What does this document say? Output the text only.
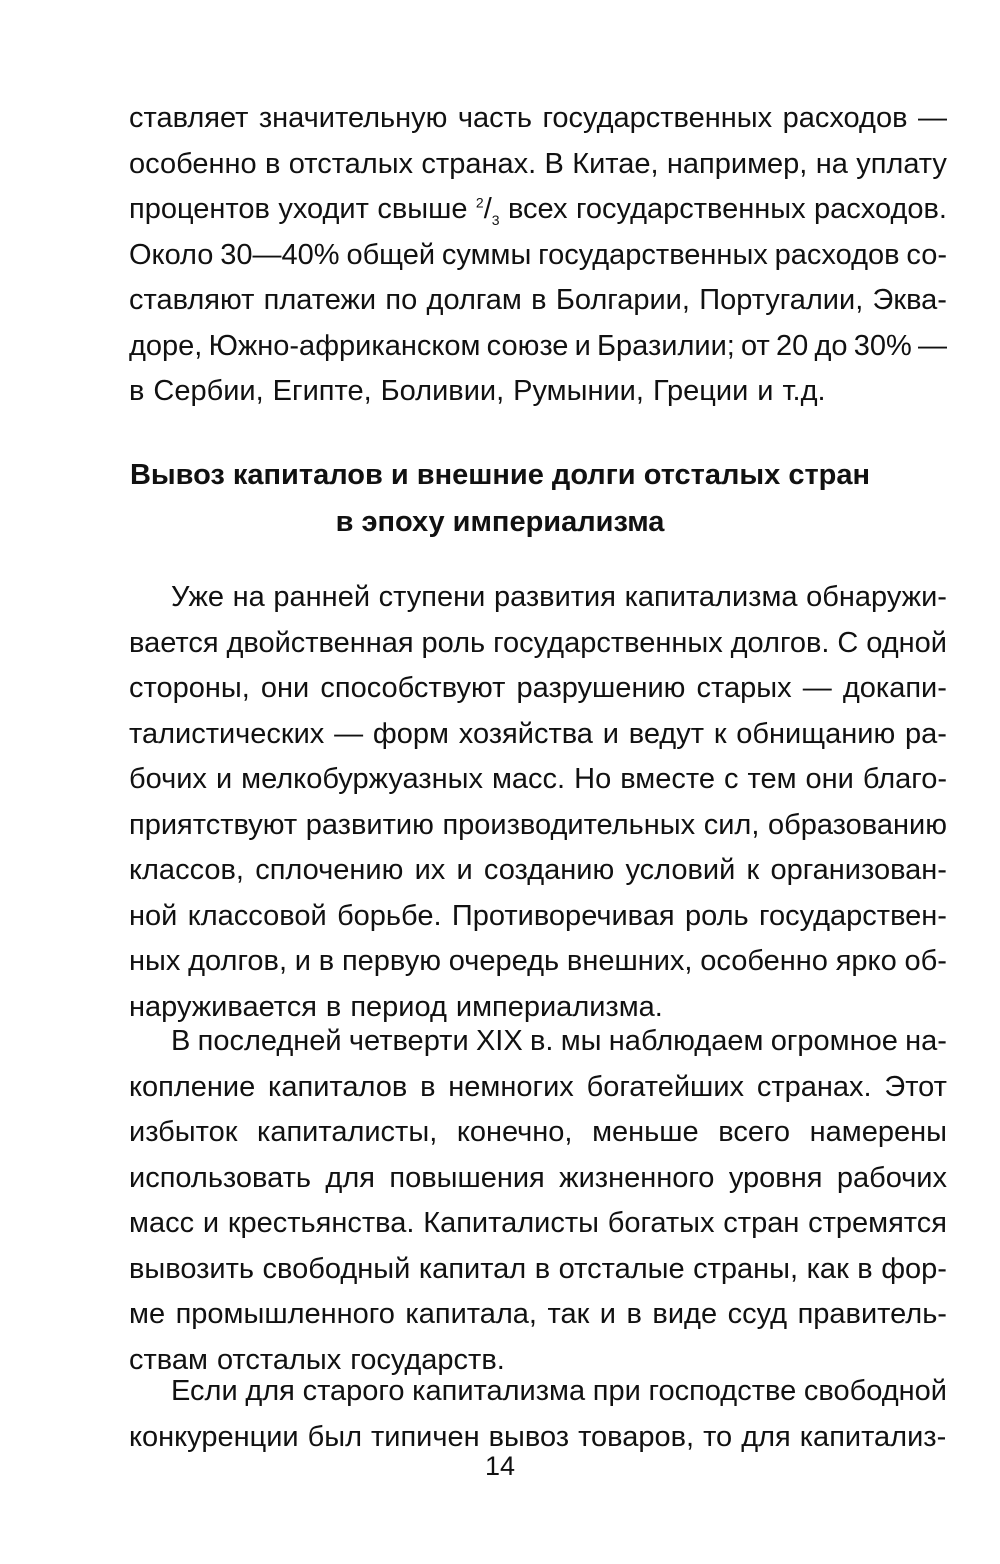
ставляет значительную часть государственных расходов —
особенно в отсталых странах. В Китае, например, на уплату
процентов уходит свыше $^2/_3$ всех государственных расходов.
Около 30—40% общей суммы государственных расходов со-
ставляют платежи по долгам в Болгарии, Португалии, Эква-
доре, Южно-африканском союзе и Бразилии; от 20 до 30% —
в Сербии, Египте, Боливии, Румынии, Греции и т.д.
Вывоз капиталов и внешние долги отсталых стран
в эпоху империализма
Уже на ранней ступени развития капитализма обнаружи-
вается двойственная роль государственных долгов. С одной
стороны, они способствуют разрушению старых — докапи-
талистических — форм хозяйства и ведут к обнищанию ра-
бочих и мелкобуржуазных масс. Но вместе с тем они благо-
приятствуют развитию производительных сил, образованию
классов, сплочению их и созданию условий к организован-
ной классовой борьбе. Противоречивая роль государствен-
ных долгов, и в первую очередь внешних, особенно ярко об-
наруживается в период империализма.
В последней четверти XIX в. мы наблюдаем огромное на-
копление капиталов в немногих богатейших странах. Этот
избыток капиталисты, конечно, меньше всего намерены
использовать для повышения жизненного уровня рабочих
масс и крестьянства. Капиталисты богатых стран стремятся
вывозить свободный капитал в отсталые страны, как в фор-
ме промышленного капитала, так и в виде ссуд правитель-
ствам отсталых государств.
Если для старого капитализма при господстве свободной
конкуренции был типичен вывоз товаров, то для капитализ-
14
